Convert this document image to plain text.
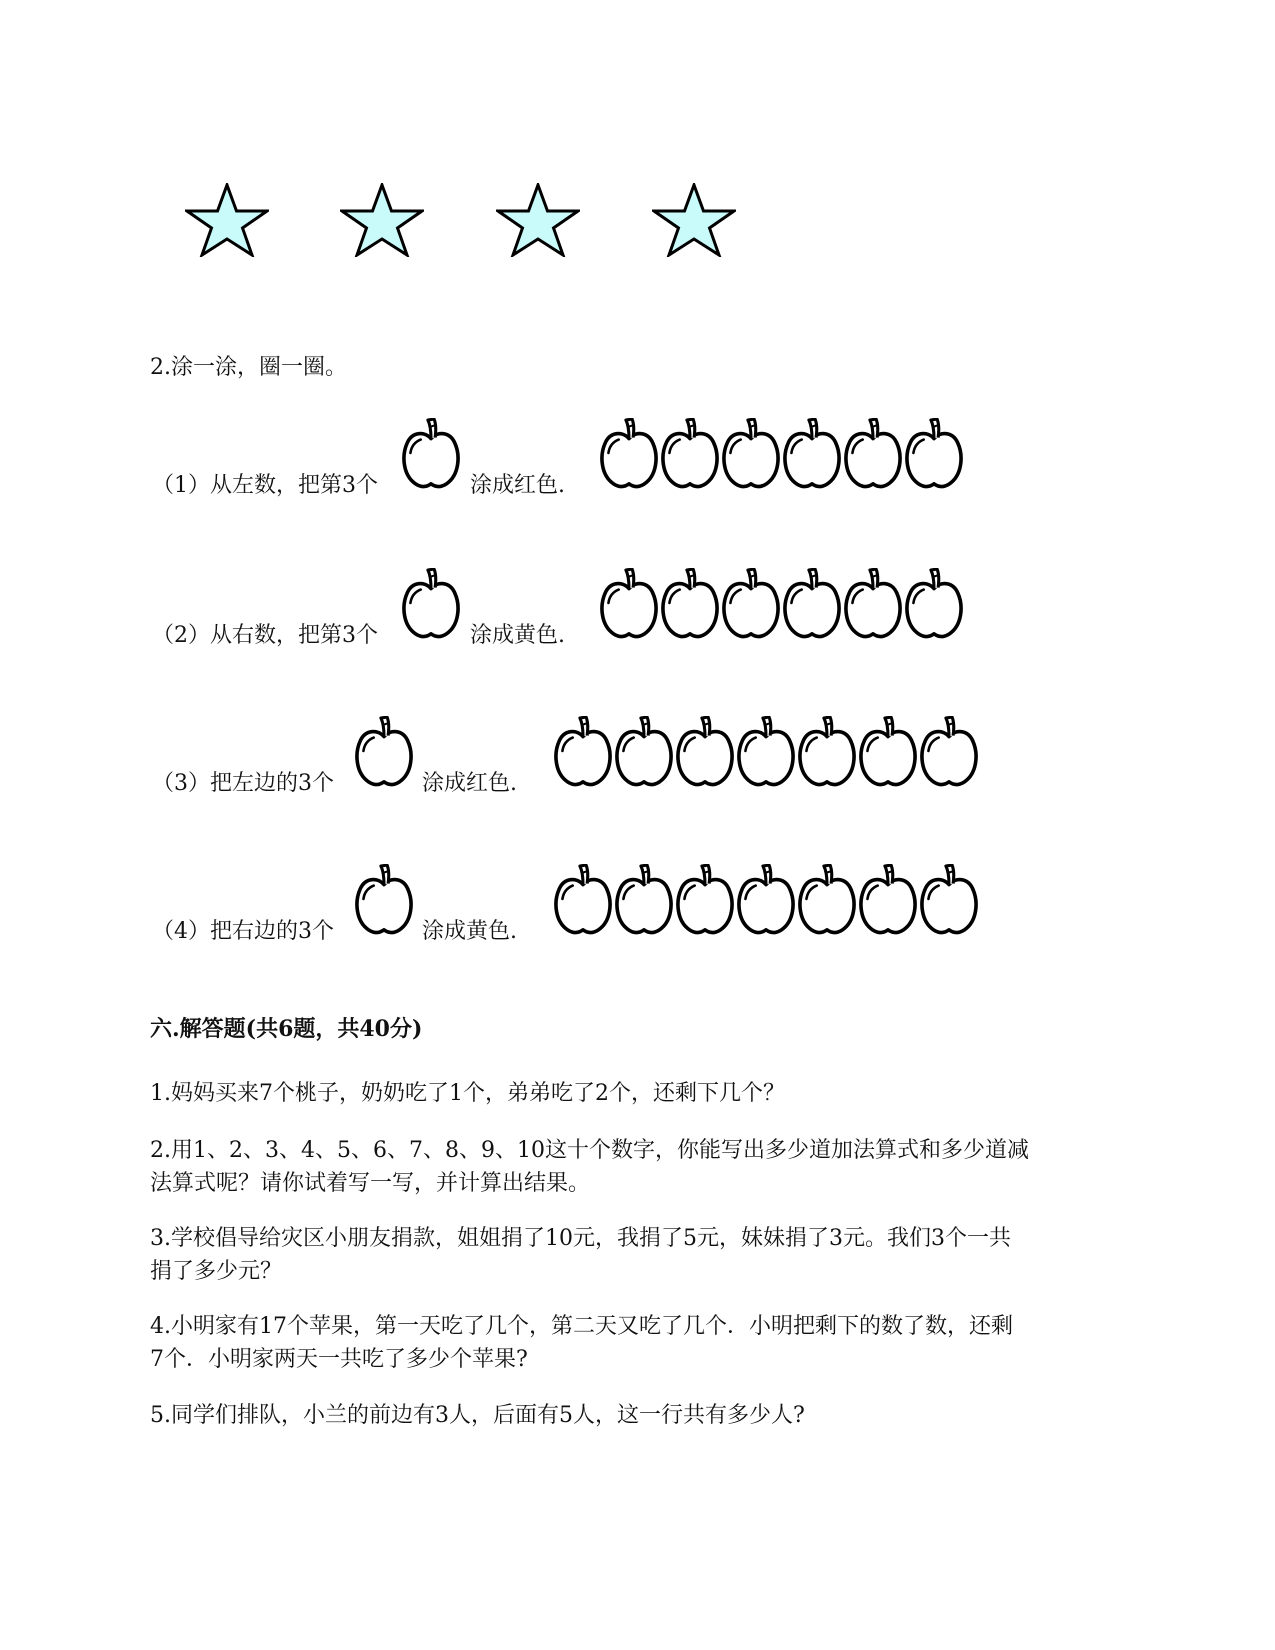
2.涂一涂，圈一圈。
（1）从左数，把第3个	涂成红色.
（2）从右数，把第3个	涂成黄色.
（3）把左边的3个	涂成红色.
（4）把右边的3个	涂成黄色.
六.解答题(共6题，共40分)
1.妈妈买来7个桃子，奶奶吃了1个，弟弟吃了2个，还剩下几个？
2.用1、2、3、4、5、6、7、8、9、10这十个数字，你能写出多少道加法算式和多少道减
法算式呢？请你试着写一写，并计算出结果。
3.学校倡导给灾区小朋友捐款，姐姐捐了10元，我捐了5元，妹妹捐了3元。我们3个一共
捐了多少元？
4.小明家有17个苹果，第一天吃了几个，第二天又吃了几个．小明把剩下的数了数，还剩
7个．小明家两天一共吃了多少个苹果?
5.同学们排队，小兰的前边有3人，后面有5人，这一行共有多少人?
